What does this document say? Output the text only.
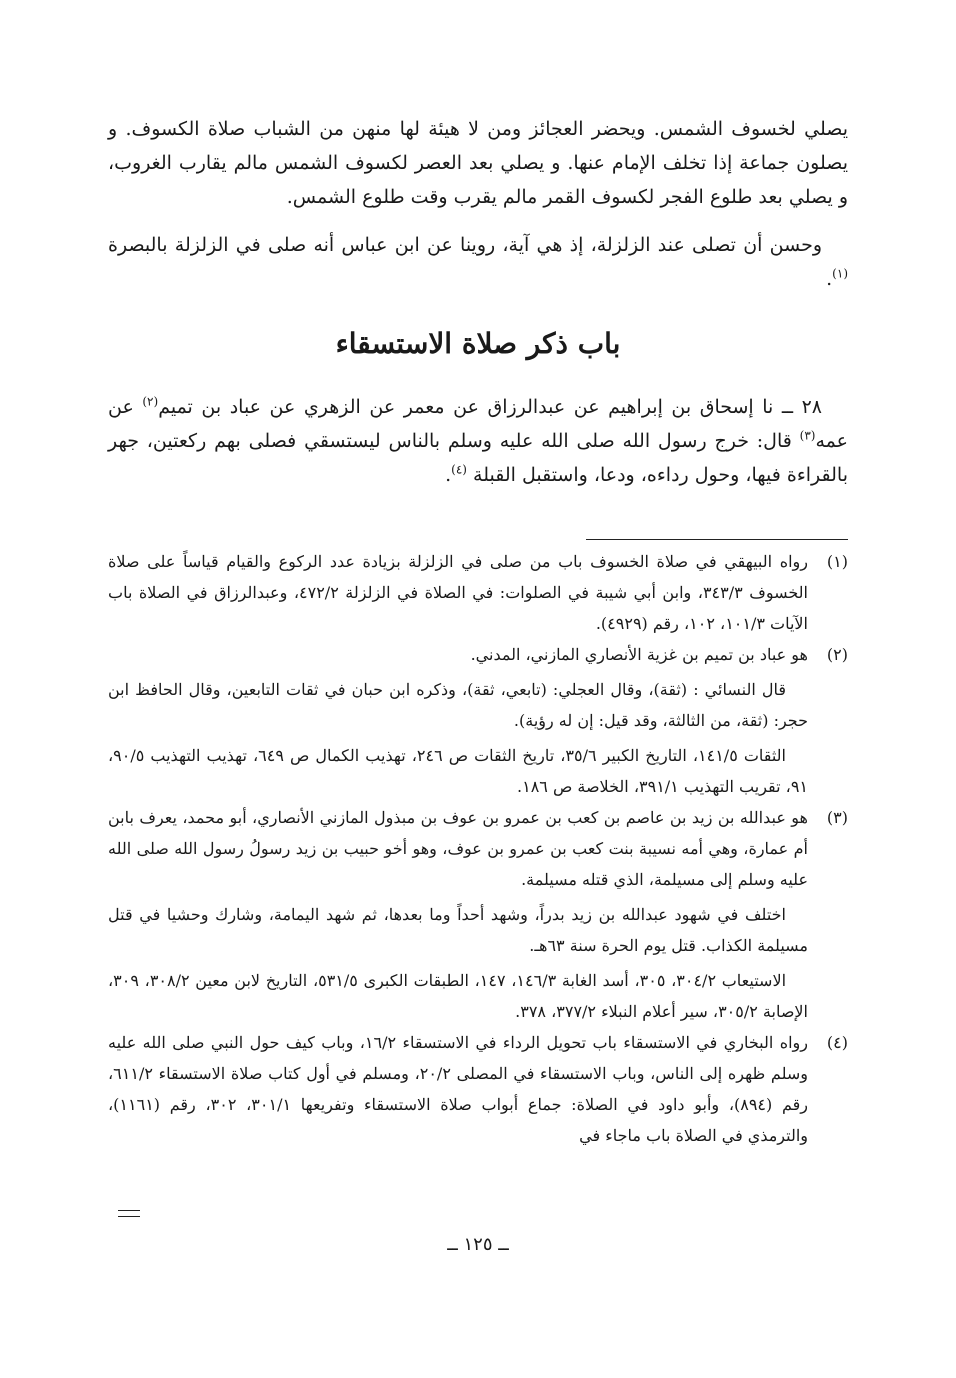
يصلي لخسوف الشمس. ويحضر العجائز ومن لا هيئة لها منهن من الشباب صلاة الكسوف. و يصلون جماعة إذا تخلف الإمام عنها. و يصلي بعد العصر لكسوف الشمس مالم يقارب الغروب، و يصلي بعد طلوع الفجر لكسوف القمر مالم يقرب وقت طلوع الشمس.

وحسن أن تصلى عند الزلزلة، إذ هي آية، روينا عن ابن عباس أنه صلى في الزلزلة بالبصرة $^{(١)}$.

باب ذكر صلاة الاستسقاء

٢٨ ــ نا إسحاق بن إبراهيم عن عبدالرزاق عن معمر عن الزهري عن عباد بن تميم$^{(٢)}$ عن عمه$^{(٣)}$ قال: خرج رسول الله صلى الله عليه وسلم بالناس ليستسقي فصلى بهم ركعتين، جهر بالقراءة فيها، وحول رداءه، ودعا، واستقبل القبلة $^{(٤)}$.

(١)

رواه البيهقي في صلاة الخسوف باب من صلى في الزلزلة بزيادة عدد الركوع والقيام قياساً على صلاة الخسوف ٣٤٣/٣، وابن أبي شيبة في الصلوات: في الصلاة في الزلزلة ٤٧٢/٢، وعبدالرزاق في الصلاة باب الآيات ١٠١/٣، ١٠٢، رقم (٤٩٢٩).

(٢)

هو عباد بن تميم بن غزية الأنصاري المازني، المدني.

قال النسائي : (ثقة)، وقال العجلي: (تابعي، ثقة)، وذكره ابن حبان في ثقات التابعين، وقال الحافظ ابن حجر: (ثقة، من الثالثة، وقد قيل: إن له رؤية).

الثقات ١٤١/٥، التاريخ الكبير ٣٥/٦، تاريخ الثقات ص ٢٤٦، تهذيب الكمال ص ٦٤٩، تهذيب التهذيب ٩٠/٥، ٩١، تقريب التهذيب ٣٩١/١، الخلاصة ص ١٨٦.

(٣)

هو عبدالله بن زيد بن عاصم بن كعب بن عمرو بن عوف بن مبذول المازني الأنصاري، أبو محمد، يعرف بابن أم عمارة، وهي أمه نسيبة بنت كعب بن عمرو بن عوف، وهو أخو حبيب بن زيد رسولُ رسول الله صلى الله عليه وسلم إلى مسيلمة، الذي قتله مسيلمة.

اختلف في شهود عبدالله بن زيد بدراً، وشهد أحداً وما بعدها، ثم شهد اليمامة، وشارك وحشيا في قتل مسيلمة الكذاب. قتل يوم الحرة سنة ٦٣هـ.

الاستيعاب ٣٠٤/٢، ٣٠٥، أسد الغابة ١٤٦/٣، ١٤٧، الطبقات الكبرى ٥٣١/٥، التاريخ لابن معين ٣٠٨/٢، ٣٠٩، الإصابة ٣٠٥/٢، سير أعلام النبلاء ٣٧٧/٢، ٣٧٨.

(٤)

رواه البخاري في الاستسقاء باب تحويل الرداء في الاستسقاء ١٦/٢، وباب كيف حول النبي صلى الله عليه وسلم ظهره إلى الناس، وباب الاستسقاء في المصلى ٢٠/٢، ومسلم في أول كتاب صلاة الاستسقاء ٦١١/٢، رقم (٨٩٤)، وأبو داود في الصلاة: جماع أبواب صلاة الاستسقاء وتفريعها ٣٠١/١، ٣٠٢، رقم (١١٦١)، والترمذي في الصلاة باب ماجاء في

ــ ١٢٥ ــ
